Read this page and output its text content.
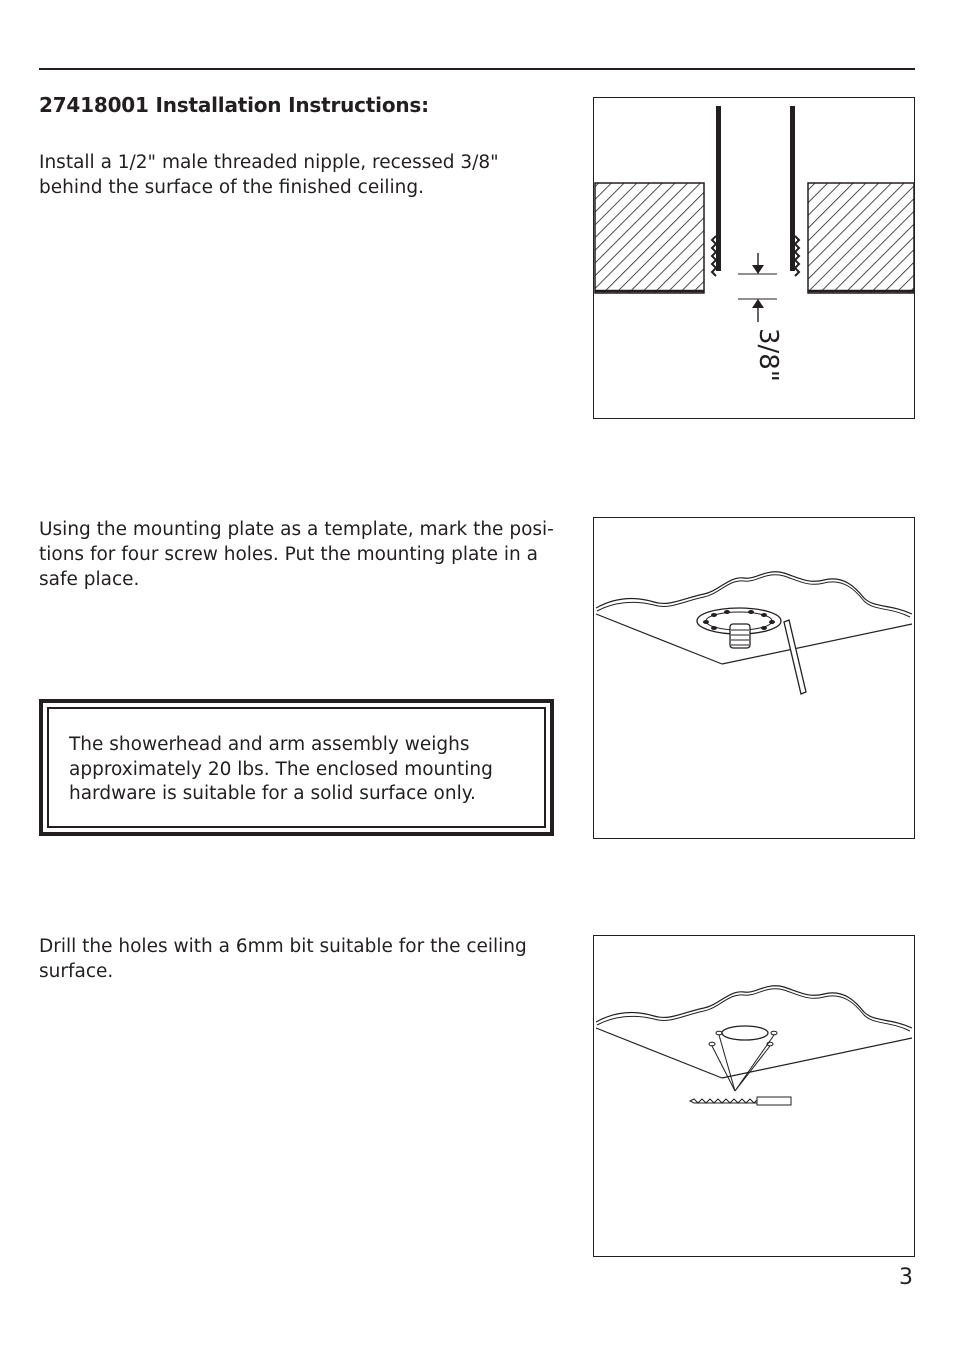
27418001 Installation Instructions:

Install a 1/2" male threaded nipple, recessed 3/8" behind the surface of the finished ceiling.

Using the mounting plate as a template, mark the posi-tions for four screw holes. Put the mounting plate in a safe place.

Drill the holes with a 6mm bit suitable for the ceiling surface.

The showerhead and arm assembly weighs approximately 20 lbs. The enclosed mounting hardware is suitable for a solid surface only.

3/8"
3
